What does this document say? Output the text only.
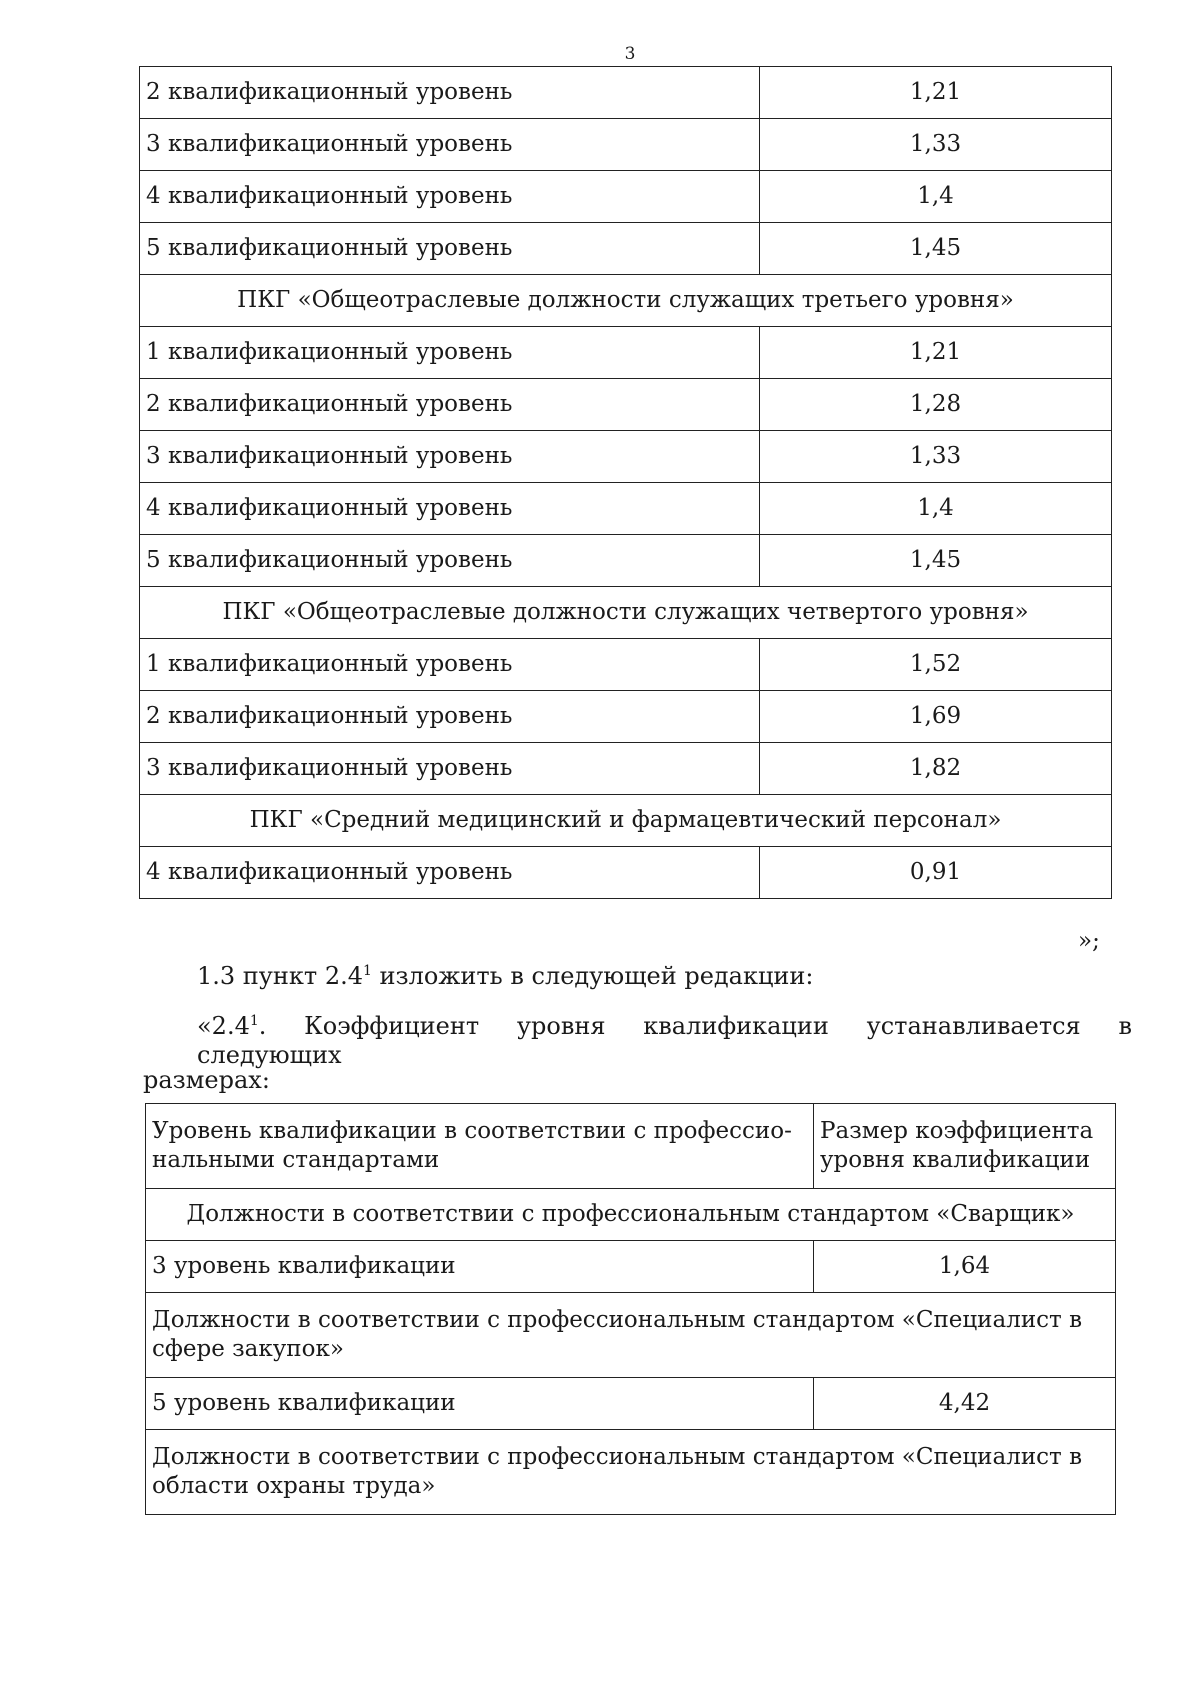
3
2 квалификационный уровень	1,21
3 квалификационный уровень	1,33
4 квалификационный уровень	1,4
5 квалификационный уровень	1,45
ПКГ «Общеотраслевые должности служащих третьего уровня»	
1 квалификационный уровень	1,21
2 квалификационный уровень	1,28
3 квалификационный уровень	1,33
4 квалификационный уровень	1,4
5 квалификационный уровень	1,45
ПКГ «Общеотраслевые должности служащих четвертого уровня»	
1 квалификационный уровень	1,52
2 квалификационный уровень	1,69
3 квалификационный уровень	1,82
ПКГ «Средний медицинский и фармацевтический персонал»	
4 квалификационный уровень	0,91
»;
1.3 пункт $2.4^1$ изложить в следующей редакции:
«$2.4^1$. Коэффициент уровня квалификации устанавливается в следующих
размерах:
Уровень квалификации в соответствии с профессио-нальными стандартами	Размер коэффициента уровня квалификации
Должности в соответствии с профессиональным стандартом «Сварщик»	
3 уровень квалификации	1,64
Должности в соответствии с профессиональным стандартом «Специалист в сфере закупок»	
5 уровень квалификации	4,42
Должности в соответствии с профессиональным стандартом «Специалист в области охраны труда»	
